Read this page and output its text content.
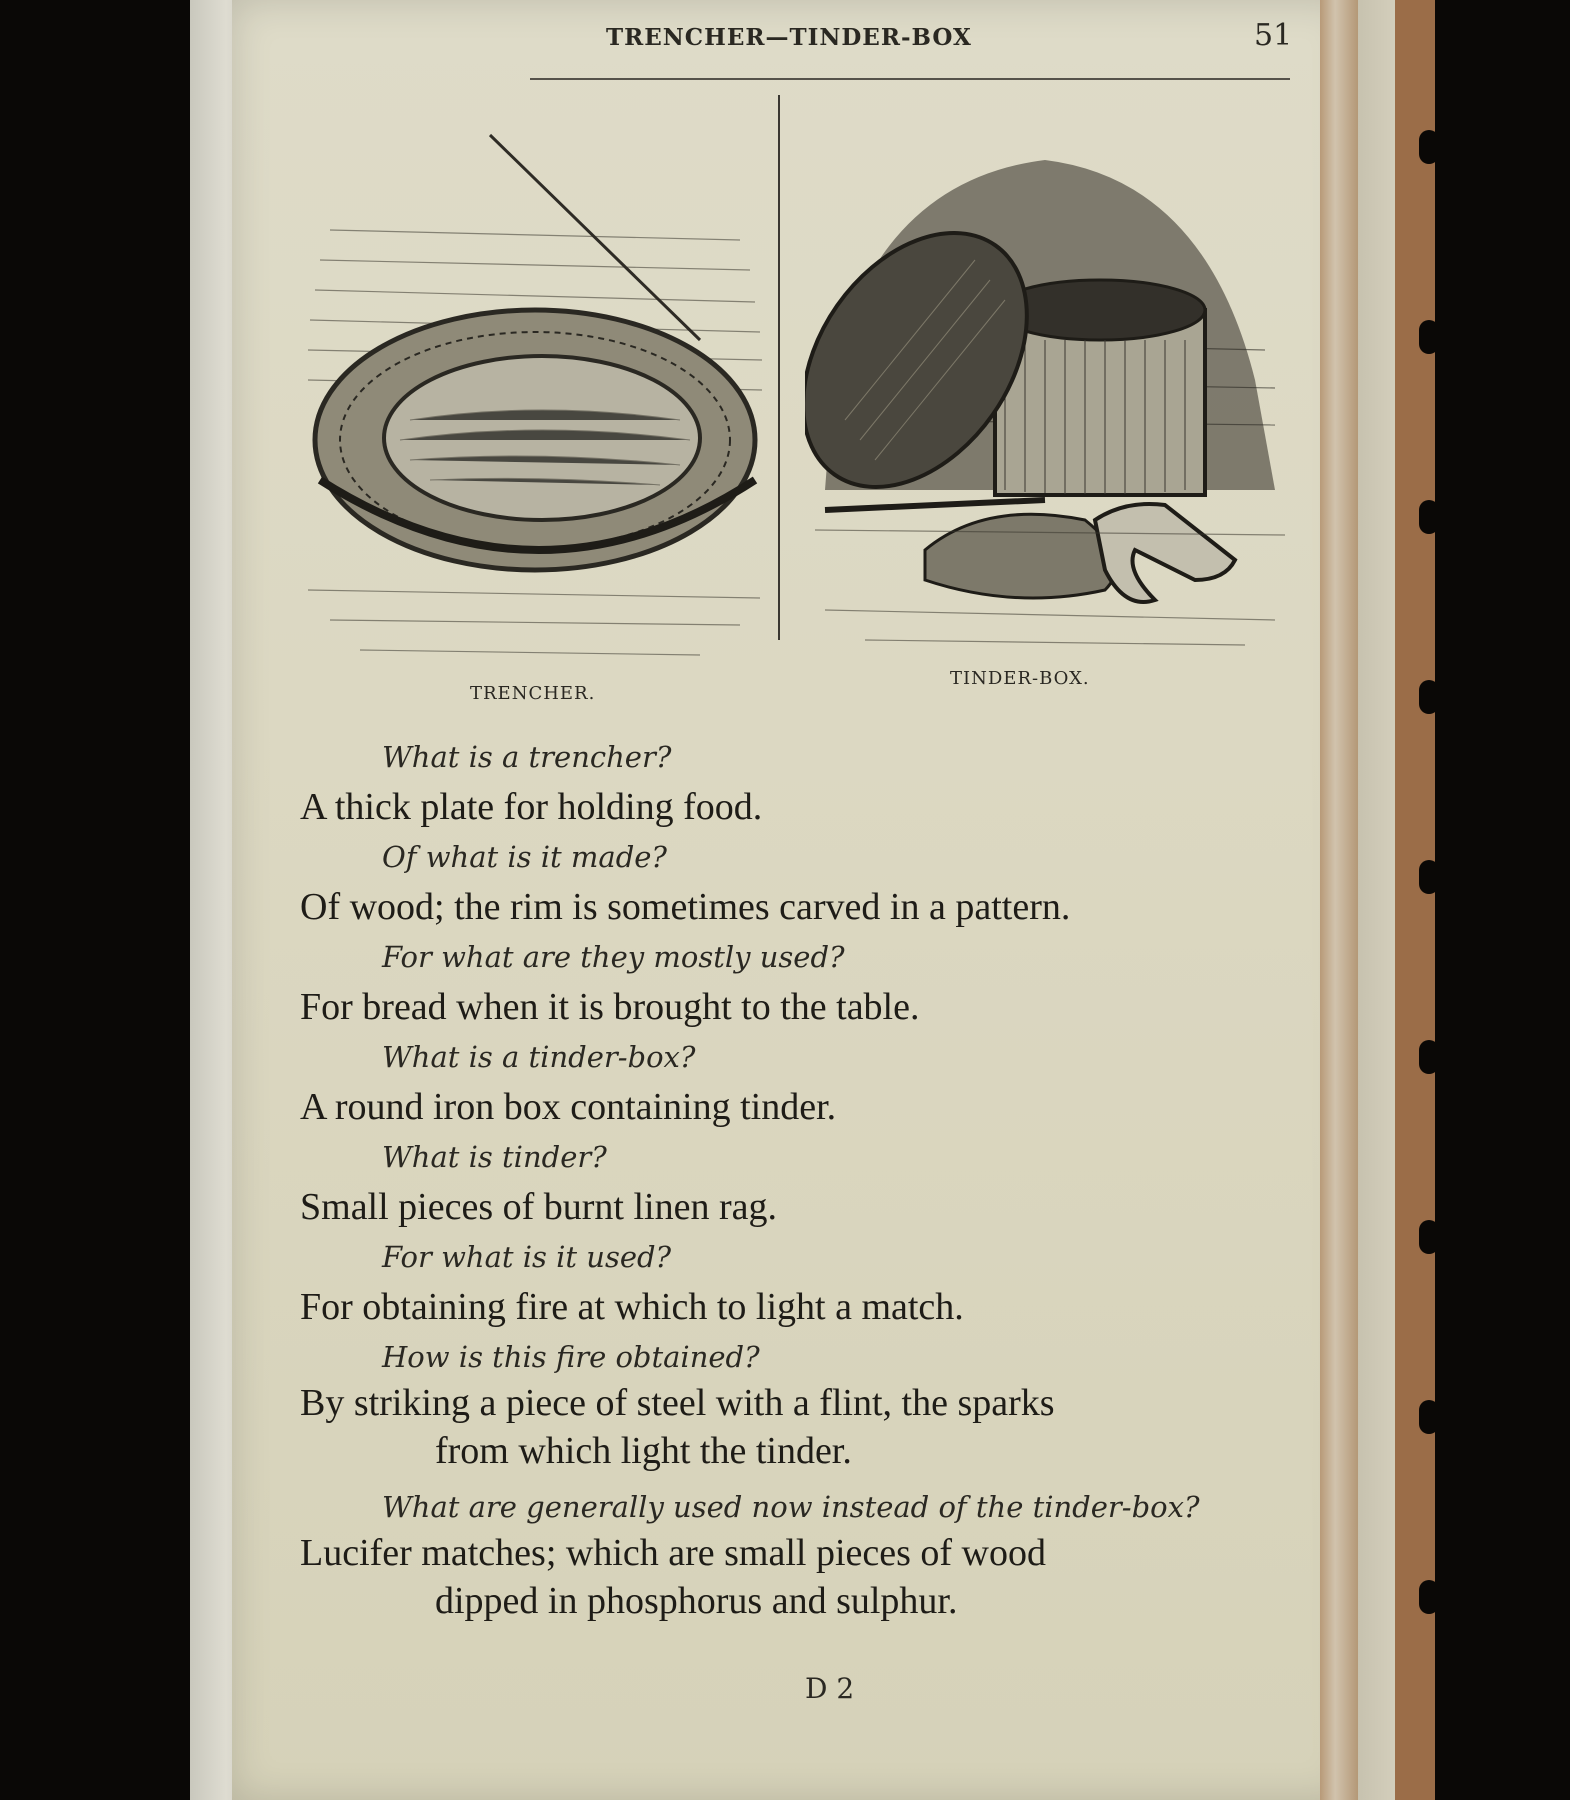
TRENCHER—TINDER-BOX	51
TRENCHER.
TINDER-BOX.
What is a trencher?
A thick plate for holding food.
Of what is it made?
Of wood; the rim is sometimes carved in a pattern.
For what are they mostly used?
For bread when it is brought to the table.
What is a tinder-box?
A round iron box containing tinder.
What is tinder?
Small pieces of burnt linen rag.
For what is it used?
For obtaining fire at which to light a match.
How is this fire obtained?
By striking a piece of steel with a flint, the sparks
from which light the tinder.
What are generally used now instead of the tinder-box?
Lucifer matches; which are small pieces of wood
dipped in phosphorus and sulphur.
D 2
